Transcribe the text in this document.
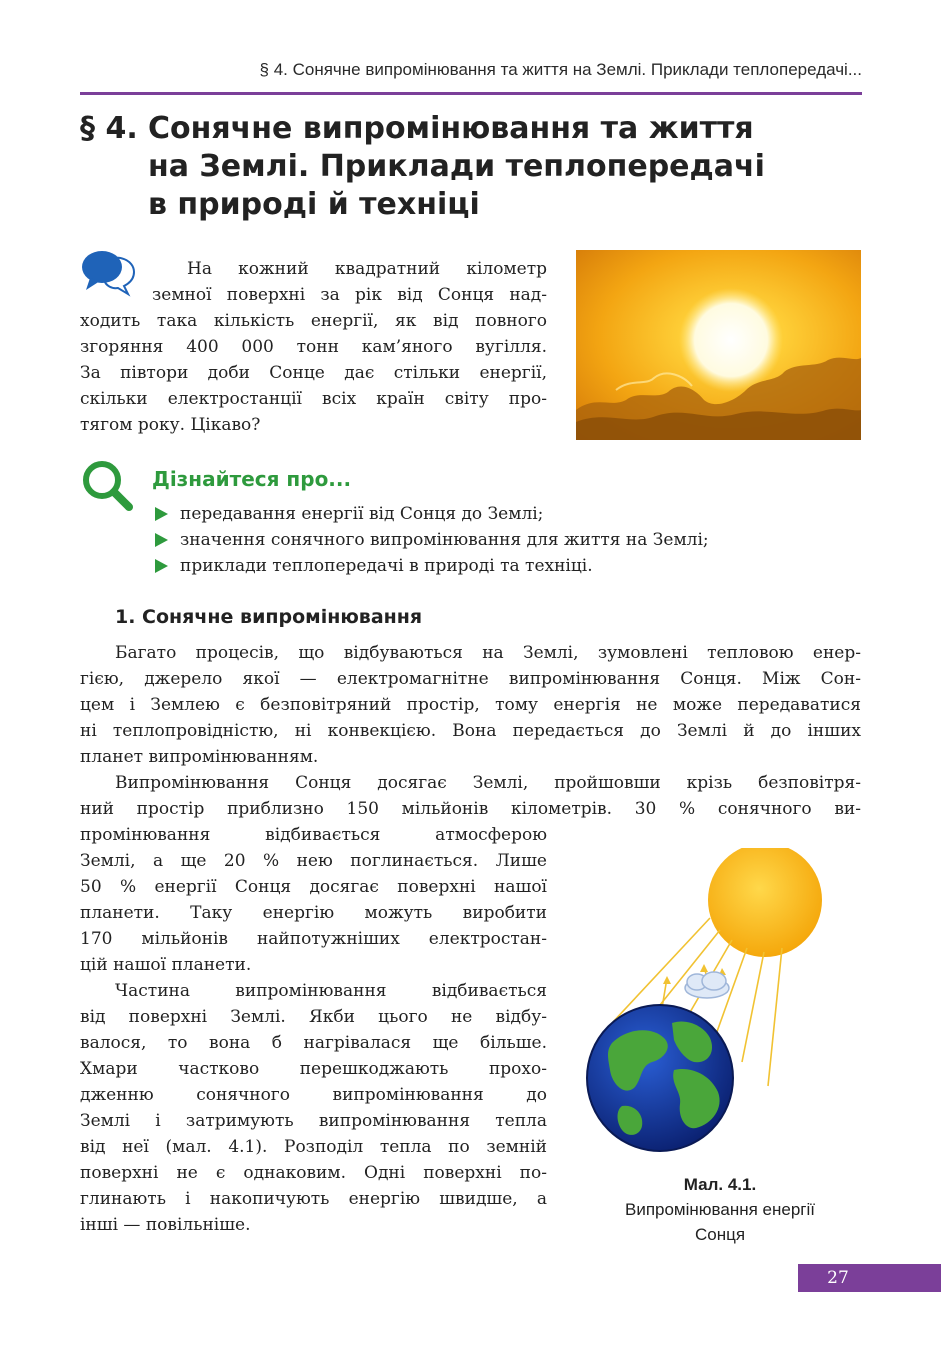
§ 4. Сонячне випромінювання та життя на Землі. Приклади теплопередачі...
§ 4. Сонячне випромінювання та життя
на Землі. Приклади теплопередачі
в природі й техніці
На кожний квадратний кілометр
земної поверхні за рік від Сонця над-
ходить така кількість енергії, як від повного
згоряння 400 000 тонн кам’яного вугілля.
За півтори доби Сонце дає стільки енергії,
скільки електростанції всіх країн світу про-
тягом року. Цікаво?
Дізнайтеся про...
передавання енергії від Сонця до Землі;
значення сонячного випромінювання для життя на Землі;
приклади теплопередачі в природі та техніці.
1. Сонячне випромінювання
Багато процесів, що відбуваються на Землі, зумовлені тепловою енер-
гією, джерело якої — електромагнітне випромінювання Сонця. Між Сон-
цем і Землею є безповітряний простір, тому енергія не може передаватися
ні теплопровідністю, ні конвекцією. Вона передається до Землі й до інших
планет випромінюванням.
Випромінювання Сонця досягає Землі, пройшовши крізь безповітря-
ний простір приблизно 150 мільйонів кілометрів. 30 % сонячного ви-
промінювання відбивається атмосферою
Землі, а ще 20 % нею поглинається. Лише
50 % енергії Сонця досягає поверхні нашої
планети. Таку енергію можуть виробити
170 мільйонів найпотужніших електростан-
цій нашої планети.
Частина випромінювання відбивається
від поверхні Землі. Якби цього не відбу-
валося, то вона б нагрівалася ще більше.
Хмари частково перешкоджають прохо-
дженню сонячного випромінювання до
Землі і затримують випромінювання тепла
від неї (мал. 4.1). Розподіл тепла по земній
поверхні не є однаковим. Одні поверхні по-
глинають і накопичують енергію швидше, а
інші — повільніше.
Мал. 4.1.
Випромінювання енергії
Сонця
27
